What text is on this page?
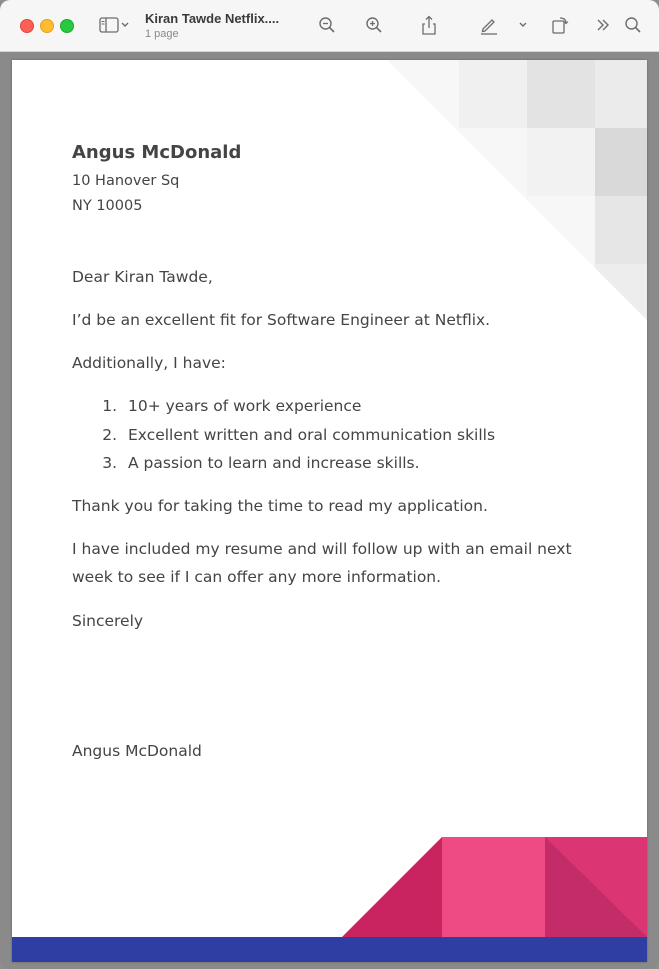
Kiran Tawde Netflix....
1 page
Angus McDonald
10 Hanover Sq
NY 10005
Dear Kiran Tawde,
I’d be an excellent fit for Software Engineer at Netflix.
Additionally, I have:
1. 10+ years of work experience
2. Excellent written and oral communication skills
3. A passion to learn and increase skills.
Thank you for taking the time to read my application.
I have included my resume and will follow up with an email next
week to see if I can offer any more information.
Sincerely
Angus McDonald
